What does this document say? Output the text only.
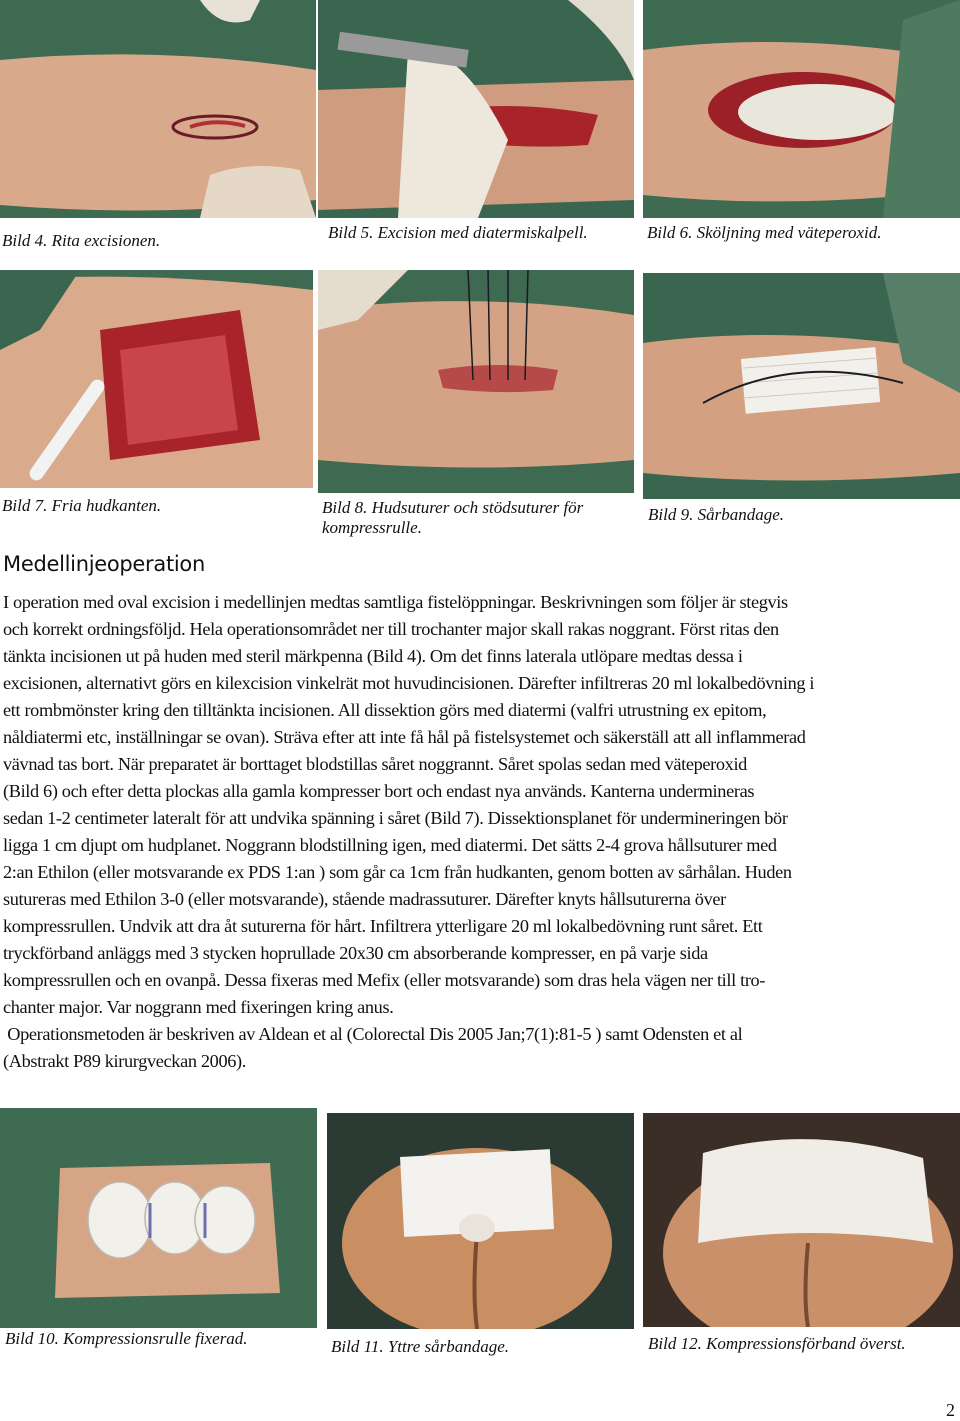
Bild 4. Rita excisionen.	Bild 5. Excision med diatermiskalpell.	Bild 6. Sköljning med väteperoxid.

Bild 7. Fria hudkanten.	Bild 8. Hudsuturer och stödsuturer för

kompressrulle.

Bild 9. Sårbandage.

Medellinjeoperation
I operation med oval excision i medellinjen medtas samtliga fistelöppningar. Beskrivningen som följer är stegvis
och korrekt ordningsföljd. Hela operationsområdet ner till trochanter major skall rakas noggrant. Först ritas den
tänkta incisionen ut på huden med steril märkpenna (Bild 4). Om det finns laterala utlöpare medtas dessa i
excisionen, alternativt görs en kilexcision vinkelrät mot huvudincisionen. Därefter infiltreras 20 ml lokalbedövning i
ett rombmönster kring den tilltänkta incisionen. All dissektion görs med diatermi (valfri utrustning ex epitom,
nåldiatermi etc, inställningar se ovan). Sträva efter att inte få hål på fistelsystemet och säkerställ att all inflammerad
vävnad tas bort. När preparatet är borttaget blodstillas såret noggrannt. Såret spolas sedan med väteperoxid
(Bild 6) och efter detta plockas alla gamla kompresser bort och endast nya används. Kanterna undermineras
sedan 1-2 centimeter lateralt för att undvika spänning i såret (Bild 7). Dissektionsplanet för undermineringen bör
ligga 1 cm djupt om hudplanet. Noggrann blodstillning igen, med diatermi. Det sätts 2-4 grova hållsuturer med
2:an Ethilon (eller motsvarande ex PDS 1:an ) som går ca 1cm från hudkanten, genom botten av sårhålan. Huden
sutureras med Ethilon 3-0 (eller motsvarande), stående madrassuturer. Därefter knyts hållsuturerna över
kompressrullen. Undvik att dra åt suturerna för hårt. Infiltrera ytterligare 20 ml lokalbedövning runt såret. Ett
tryckförband anläggs med 3 stycken hoprullade 20x30 cm absorberande kompresser, en på varje sida
kompressrullen och en ovanpå. Dessa fixeras med Mefix (eller motsvarande) som dras hela vägen ner till tro-
chanter major. Var noggrann med fixeringen kring anus.
Operationsmetoden är beskriven av Aldean et al (Colorectal Dis 2005 Jan;7(1):81-5 ) samt Odensten et al
(Abstrakt P89 kirurgveckan 2006).

Bild 10. Kompressionsrulle fixerad.	Bild 11. Yttre sårbandage.	Bild 12. Kompressionsförband överst.

2
